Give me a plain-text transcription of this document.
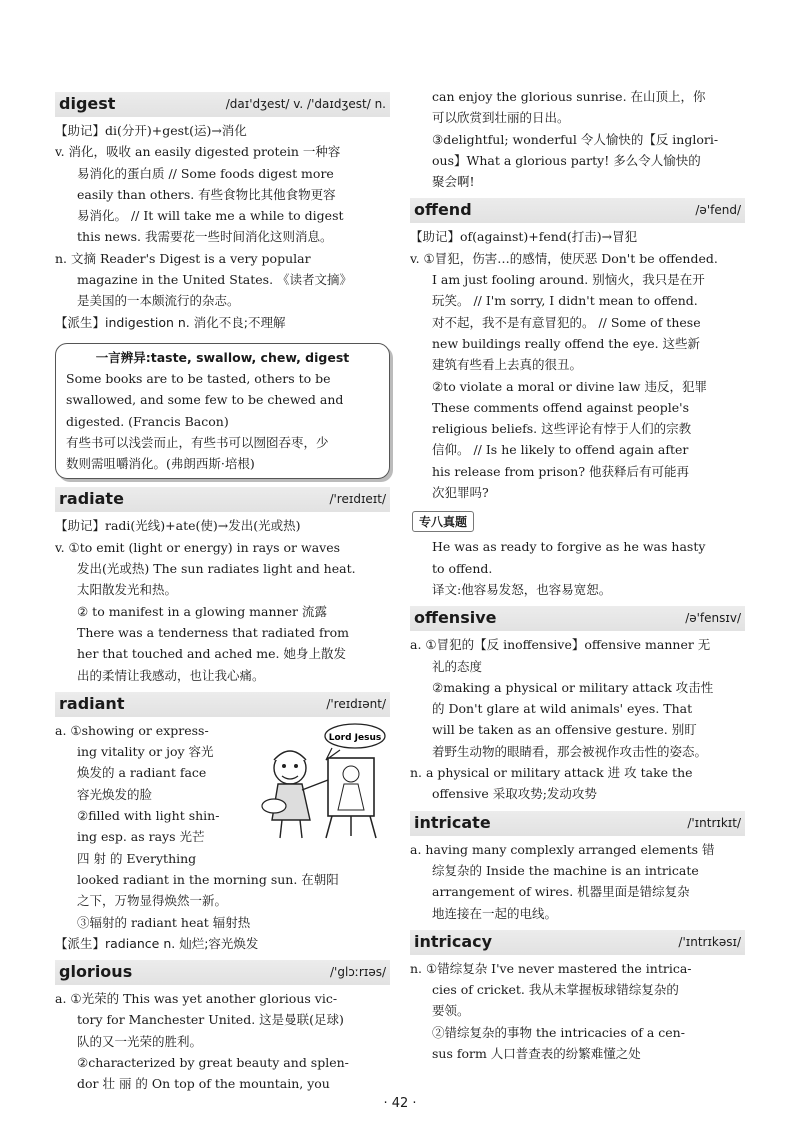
digest	/daɪ'dʒest/ v. /'daɪdʒest/ n.
【助记】di(分开)+gest(运)→消化
v. 消化，吸收 an easily digested protein 一种容
易消化的蛋白质 // Some foods digest more
easily than others. 有些食物比其他食物更容
易消化。 // It will take me a while to digest
this news. 我需要花一些时间消化这则消息。
n. 文摘 Reader's Digest is a very popular
magazine in the United States. 《读者文摘》
是美国的一本颇流行的杂志。
【派生】indigestion n. 消化不良;不理解
一言辨异:taste, swallow, chew, digest
Some books are to be tasted, others to be
swallowed, and some few to be chewed and
digested. (Francis Bacon)
有些书可以浅尝而止，有些书可以囫囵吞枣，少
数则需咀嚼消化。(弗朗西斯·培根)
radiate	/'reɪdɪeɪt/
【助记】radi(光线)+ate(使)→发出(光或热)
v. ①to emit (light or energy) in rays or waves
发出(光或热) The sun radiates light and heat.
太阳散发光和热。
② to manifest in a glowing manner 流露
There was a tenderness that radiated from
her that touched and ached me. 她身上散发
出的柔情让我感动，也让我心痛。
radiant	/'reɪdɪənt/
Lord Jesus
a. ①showing or express-
ing vitality or joy 容光
焕发的 a radiant face
容光焕发的脸
②filled with light shin-
ing esp. as rays 光芒
四 射 的 Everything
looked radiant in the morning sun. 在朝阳
之下，万物显得焕然一新。
③辐射的 radiant heat 辐射热
【派生】radiance n. 灿烂;容光焕发
glorious	/'glɔːrɪəs/
a. ①光荣的 This was yet another glorious vic-
tory for Manchester United. 这是曼联(足球)
队的又一光荣的胜利。
②characterized by great beauty and splen-
dor 壮 丽 的 On top of the mountain, you
can enjoy the glorious sunrise. 在山顶上，你
可以欣赏到壮丽的日出。
③delightful; wonderful 令人愉快的【反 inglori-
ous】What a glorious party! 多么令人愉快的
聚会啊!
offend	/ə'fend/
【助记】of(against)+fend(打击)→冒犯
v. ①冒犯，伤害…的感情，使厌恶 Don't be offended.
I am just fooling around. 别恼火，我只是在开
玩笑。 // I'm sorry, I didn't mean to offend.
对不起，我不是有意冒犯的。 // Some of these
new buildings really offend the eye. 这些新
建筑有些看上去真的很丑。
②to violate a moral or divine law 违反，犯罪
These comments offend against people's
religious beliefs. 这些评论有悖于人们的宗教
信仰。 // Is he likely to offend again after
his release from prison? 他获释后有可能再
次犯罪吗?
专八真题
He was as ready to forgive as he was hasty
to offend.
译文:他容易发怒，也容易宽恕。
offensive	/ə'fensɪv/
a. ①冒犯的【反 inoffensive】offensive manner 无
礼的态度
②making a physical or military attack 攻击性
的 Don't glare at wild animals' eyes. That
will be taken as an offensive gesture. 别盯
着野生动物的眼睛看，那会被视作攻击性的姿态。
n. a physical or military attack 进 攻 take the
offensive 采取攻势;发动攻势
intricate	/'ɪntrɪkɪt/
a. having many complexly arranged elements 错
综复杂的 Inside the machine is an intricate
arrangement of wires. 机器里面是错综复杂
地连接在一起的电线。
intricacy	/'ɪntrɪkəsɪ/
n. ①错综复杂 I've never mastered the intrica-
cies of cricket. 我从未掌握板球错综复杂的
要领。
②错综复杂的事物 the intricacies of a cen-
sus form 人口普查表的纷繁难懂之处
· 42 ·
